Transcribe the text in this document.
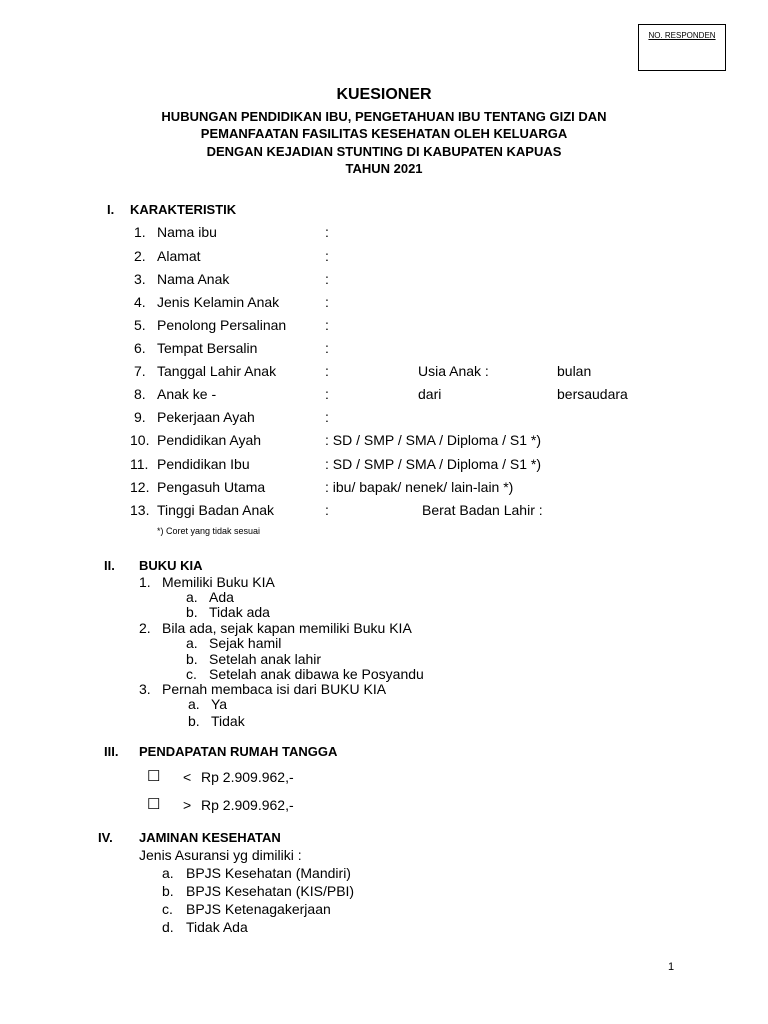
NO. RESPONDEN
KUESIONER
HUBUNGAN PENDIDIKAN IBU, PENGETAHUAN IBU TENTANG GIZI DAN
PEMANFAATAN FASILITAS KESEHATAN OLEH KELUARGA
DENGAN KEJADIAN STUNTING DI KABUPATEN KAPUAS
TAHUN 2021
I. KARAKTERISTIK
1. Nama ibu	:
2. Alamat	:
3. Nama Anak	:
4. Jenis Kelamin Anak	:
5. Penolong Persalinan	:
6. Tempat Bersalin	:
7. Tanggal Lahir Anak	:	Usia Anak :	bulan
8. Anak ke -	:	dari	bersaudara
9. Pekerjaan Ayah	:
10. Pendidikan Ayah	: SD / SMP / SMA / Diploma / S1 *)
11. Pendidikan Ibu	: SD / SMP / SMA / Diploma / S1 *)
12. Pengasuh Utama	: ibu/ bapak/ nenek/ lain-lain *)
13. Tinggi Badan Anak	:	Berat Badan Lahir :
*) Coret yang tidak sesuai
II. BUKU KIA
1. Memiliki Buku KIA
a. Ada
b. Tidak ada
2. Bila ada, sejak kapan memiliki Buku KIA
a. Sejak hamil
b. Setelah anak lahir
c. Setelah anak dibawa ke Posyandu
3. Pernah membaca isi dari BUKU KIA
a. Ya
b. Tidak
III. PENDAPATAN RUMAH TANGGA
☐ < Rp 2.909.962,-
☐ > Rp 2.909.962,-
IV. JAMINAN KESEHATAN
Jenis Asuransi yg dimiliki :
a. BPJS Kesehatan (Mandiri)
b. BPJS Kesehatan (KIS/PBI)
c. BPJS Ketenagakerjaan
d. Tidak Ada
1
